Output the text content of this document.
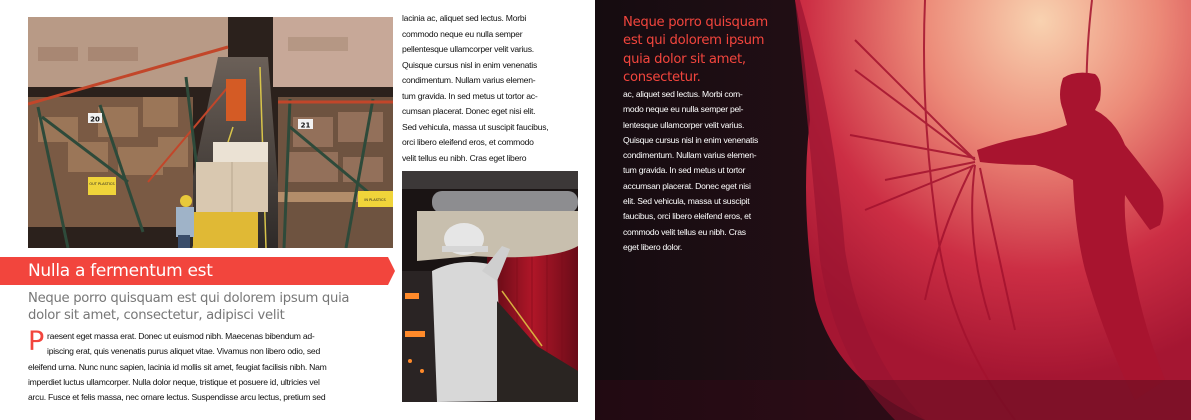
20
OUT PLASTICS
21
IN PLASTICS
Nulla a fermentum est
Neque porro quisquam est qui dolorem ipsum quia
dolor sit amet, consectetur, adipisci velit
P raesent eget massa erat. Donec ut euismod nibh. Maecenas bibendum ad-
ipiscing erat, quis venenatis purus aliquet vitae. Vivamus non libero odio, sed
eleifend urna. Nunc nunc sapien, lacinia id mollis sit amet, feugiat facilisis nibh. Nam
imperdiet luctus ullamcorper. Nulla dolor neque, tristique et posuere id, ultricies vel
arcu. Fusce et felis massa, nec ornare lectus. Suspendisse arcu lectus, pretium sed
lacinia ac, aliquet sed lectus. Morbi
commodo neque eu nulla semper
pellentesque ullamcorper velit varius.
Quisque cursus nisl in enim venenatis
condimentum. Nullam varius elemen-
tum gravida. In sed metus ut tortor ac-
cumsan placerat. Donec eget nisi elit.
Sed vehicula, massa ut suscipit faucibus,
orci libero eleifend eros, et commodo
velit tellus eu nibh. Cras eget libero
Neque porro quisquam
est qui dolorem ipsum
quia dolor sit amet,
consectetur.
ac, aliquet sed lectus. Morbi com-
modo neque eu nulla semper pel-
lentesque ullamcorper velit varius.
Quisque cursus nisl in enim venenatis
condimentum. Nullam varius elemen-
tum gravida. In sed metus ut tortor
accumsan placerat. Donec eget nisi
elit. Sed vehicula, massa ut suscipit
faucibus, orci libero eleifend eros, et
commodo velit tellus eu nibh. Cras
eget libero dolor.
